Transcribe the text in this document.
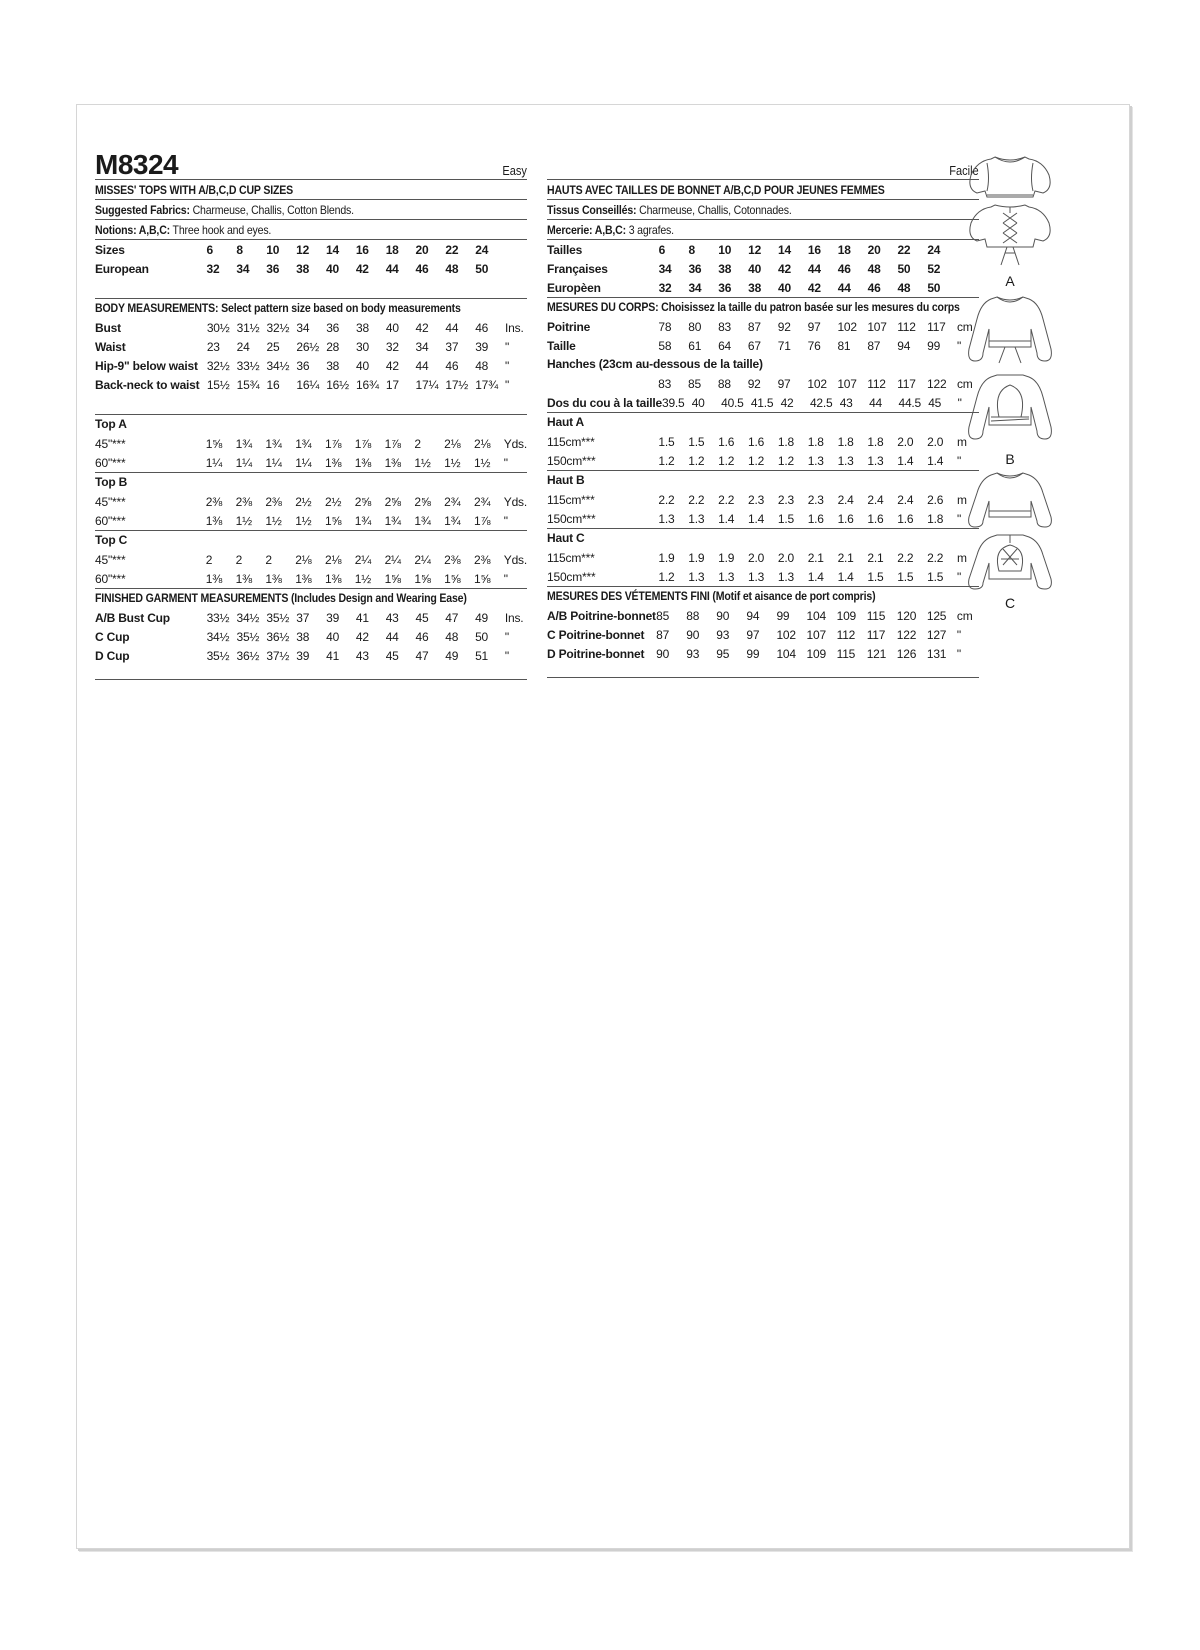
M8324	Easy
MISSES' TOPS WITH A/B,C,D CUP SIZES
Suggested Fabrics: Charmeuse, Challis, Cotton Blends.
Notions: A,B,C: Three hook and eyes.
Sizes	6	8	10	12	14	16	18	20	22	24	
European	32	34	36	38	40	42	44	46	48	50	
BODY MEASUREMENTS: Select pattern size based on body measurements
Bust	30½	31½	32½	34	36	38	40	42	44	46	Ins.
Waist	23	24	25	26½	28	30	32	34	37	39	"
Hip-9" below waist	32½	33½	34½	36	38	40	42	44	46	48	"
Back-neck to waist	15½	15¾	16	16¼	16½	16¾	17	17¼	17½	17¾	"
Top A
45"***	1⅝	1¾	1¾	1¾	1⅞	1⅞	1⅞	2	2⅛	2⅛	Yds.
60"***	1¼	1¼	1¼	1¼	1⅜	1⅜	1⅜	1½	1½	1½	"
Top B
45"***	2⅜	2⅜	2⅜	2½	2½	2⅝	2⅝	2⅝	2¾	2¾	Yds.
60"***	1⅜	1½	1½	1½	1⅝	1¾	1¾	1¾	1¾	1⅞	"
Top C
45"***	2	2	2	2⅛	2⅛	2¼	2¼	2¼	2⅜	2⅜	Yds.
60"***	1⅜	1⅜	1⅜	1⅜	1⅜	1½	1⅝	1⅝	1⅝	1⅝	"
FINISHED GARMENT MEASUREMENTS (Includes Design and Wearing Ease)
A/B Bust Cup	33½	34½	35½	37	39	41	43	45	47	49	Ins.
C Cup	34½	35½	36½	38	40	42	44	46	48	50	"
D Cup	35½	36½	37½	39	41	43	45	47	49	51	"
Facile
HAUTS AVEC TAILLES DE BONNET A/B,C,D POUR JEUNES FEMMES
Tissus Conseillés: Charmeuse, Challis, Cotonnades.
Mercerie: A,B,C: 3 agrafes.
Tailles	6	8	10	12	14	16	18	20	22	24	
Françaises	34	36	38	40	42	44	46	48	50	52	
Europèen	32	34	36	38	40	42	44	46	48	50	
MESURES DU CORPS: Choisissez la taille du patron basée sur les mesures du corps
Poitrine	78	80	83	87	92	97	102	107	112	117	cm
Taille	58	61	64	67	71	76	81	87	94	99	"
Hanches (23cm au-dessous de la taille)
	83	85	88	92	97	102	107	112	117	122	cm
Dos du cou à la taille	39.5	40	40.5	41.5	42	42.5	43	44	44.5	45	"
Haut A
115cm***	1.5	1.5	1.6	1.6	1.8	1.8	1.8	1.8	2.0	2.0	m
150cm***	1.2	1.2	1.2	1.2	1.2	1.3	1.3	1.3	1.4	1.4	"
Haut B
115cm***	2.2	2.2	2.2	2.3	2.3	2.3	2.4	2.4	2.4	2.6	m
150cm***	1.3	1.3	1.4	1.4	1.5	1.6	1.6	1.6	1.6	1.8	"
Haut C
115cm***	1.9	1.9	1.9	2.0	2.0	2.1	2.1	2.1	2.2	2.2	m
150cm***	1.2	1.3	1.3	1.3	1.3	1.4	1.4	1.5	1.5	1.5	"
MESURES DES VÉTEMENTS FINI (Motif et aisance de port compris)
A/B Poitrine-bonnet	85	88	90	94	99	104	109	115	120	125	cm
C Poitrine-bonnet	87	90	93	97	102	107	112	117	122	127	"
D Poitrine-bonnet	90	93	95	99	104	109	115	121	126	131	"
A
B
C
